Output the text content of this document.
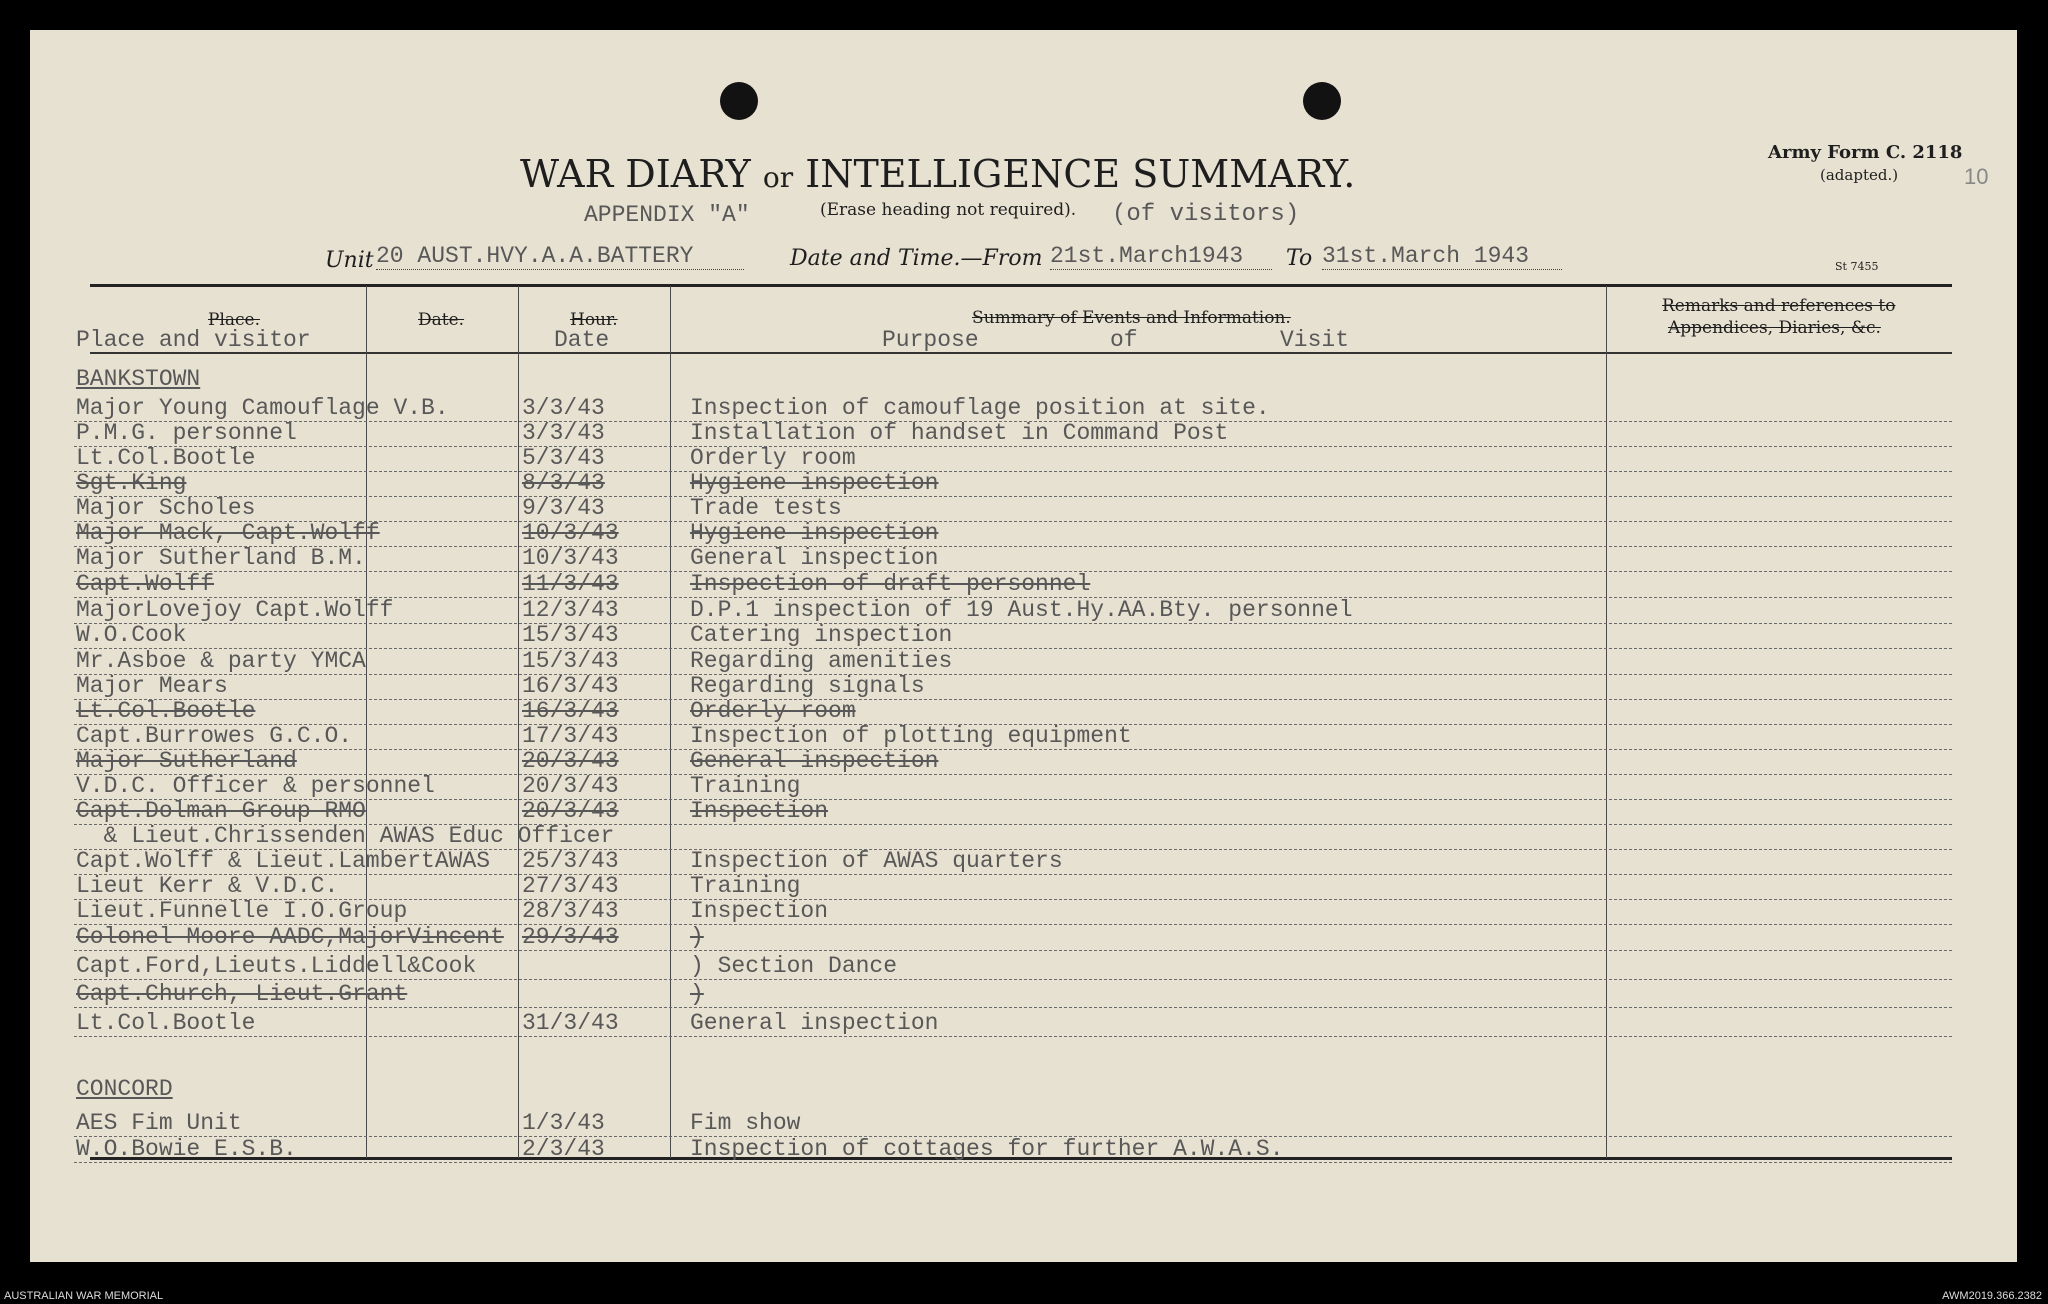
WAR DIARY or INTELLIGENCE SUMMARY.	Army Form C. 2118
(adapted.)	10
APPENDIX "A"	(Erase heading not required). (of visitors)
Unit 20 AUST.HVY.A.A.BATTERY	Date and Time.—From 21st.March1943	To 31st.March 1943	St 7455
Place.
Place and visitor
Date.	Hour.
Date
Summary of Events and Information.
Purpose	of	Visit
Remarks and references to
Appendices, Diaries, &c.
BANKSTOWN
CONCORD
Major Young Camouflage V.B.	3/3/43	Inspection of camouflage position at site.
P.M.G. personnel	3/3/43	Installation of handset in Command Post
Lt.Col.Bootle	5/3/43	Orderly room
Sgt.King	8/3/43	Hygiene inspection
Major Scholes	9/3/43	Trade tests
Major Mack, Capt.Wolff	10/3/43	Hygiene inspection
Major Sutherland B.M.	10/3/43	General inspection
Capt.Wolff	11/3/43	Inspection of draft personnel
MajorLovejoy Capt.Wolff	12/3/43	D.P.1 inspection of 19 Aust.Hy.AA.Bty. personnel
W.O.Cook	15/3/43	Catering inspection
Mr.Asboe & party YMCA	15/3/43	Regarding amenities
Major Mears	16/3/43	Regarding signals
Lt.Col.Bootle	16/3/43	Orderly room
Capt.Burrowes G.C.O.	17/3/43	Inspection of plotting equipment
Major Sutherland	20/3/43	General inspection
V.D.C. Officer & personnel	20/3/43	Training
Capt.Dolman Group RMO	20/3/43	Inspection
& Lieut.Chrissenden AWAS Educ Officer
Capt.Wolff & Lieut.LambertAWAS 25/3/43	Inspection of AWAS quarters
Lieut Kerr & V.D.C.	27/3/43	Training
Lieut.Funnelle I.O.Group	28/3/43	Inspection
Colonel Moore AADC,MajorVincent 29/3/43	)
Capt.Ford,Lieuts.Liddell&Cook	) Section Dance
Capt.Church, Lieut.Grant	)
Lt.Col.Bootle	31/3/43	General inspection
AES Fim Unit	1/3/43	Fim show
W.O.Bowie E.S.B.	2/3/43	Inspection of cottages for further A.W.A.S.
AUSTRALIAN WAR MEMORIAL	AWM2019.366.2382
